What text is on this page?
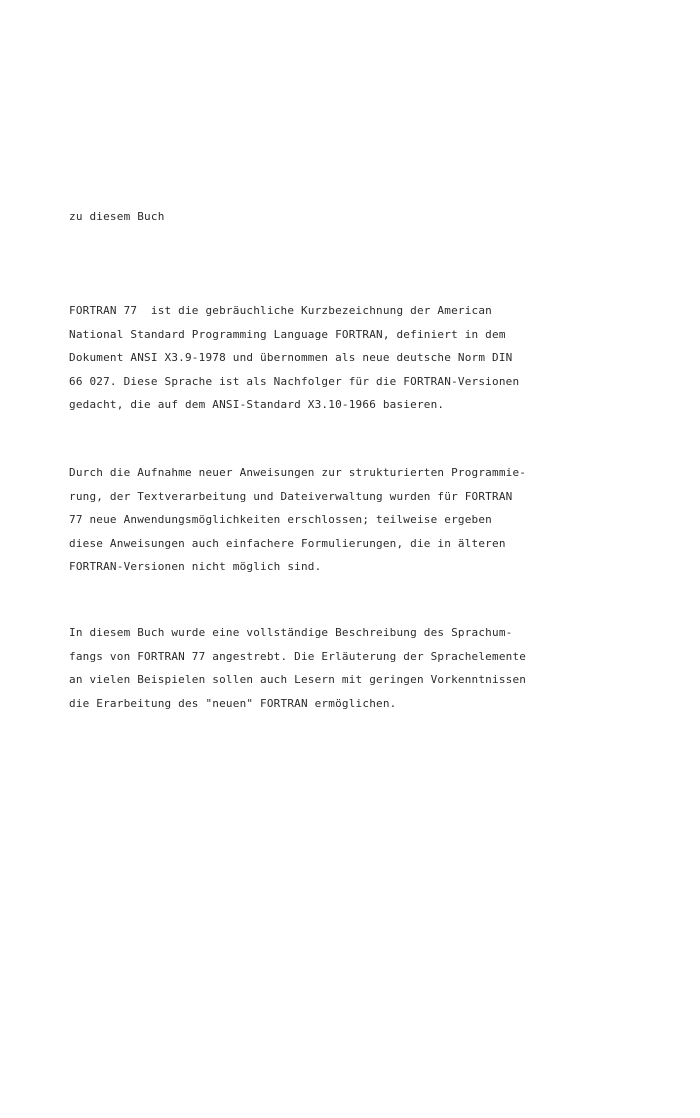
zu diesem Buch
FORTRAN 77  ist die gebräuchliche Kurzbezeichnung der American
National Standard Programming Language FORTRAN, definiert in dem
Dokument ANSI X3.9-1978 und übernommen als neue deutsche Norm DIN
66 027. Diese Sprache ist als Nachfolger für die FORTRAN-Versionen
gedacht, die auf dem ANSI-Standard X3.10-1966 basieren.
Durch die Aufnahme neuer Anweisungen zur strukturierten Programmie-
rung, der Textverarbeitung und Dateiverwaltung wurden für FORTRAN
77 neue Anwendungsmöglichkeiten erschlossen; teilweise ergeben
diese Anweisungen auch einfachere Formulierungen, die in älteren
FORTRAN-Versionen nicht möglich sind.
In diesem Buch wurde eine vollständige Beschreibung des Sprachum-
fangs von FORTRAN 77 angestrebt. Die Erläuterung der Sprachelemente
an vielen Beispielen sollen auch Lesern mit geringen Vorkenntnissen
die Erarbeitung des "neuen" FORTRAN ermöglichen.
